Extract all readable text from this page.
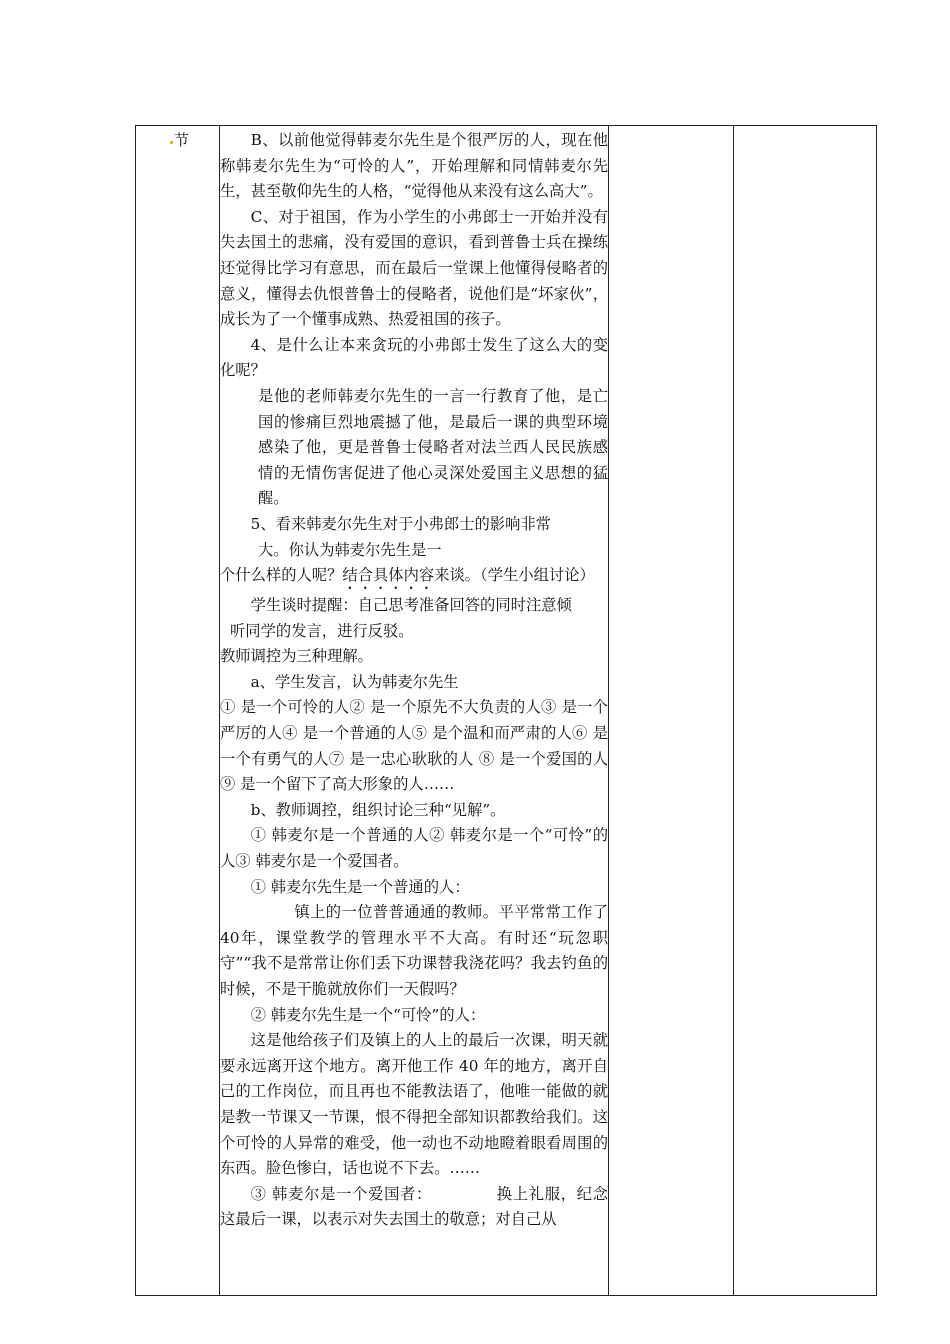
节	B、以前他觉得韩麦尔先生是个很严厉的人，现在他称韩麦尔先生为“可怜的人”，开始理解和同情韩麦尔先生，甚至敬仰先生的人格，“觉得他从来没有这么高大”。

C、对于祖国，作为小学生的小弗郎士一开始并没有失去国土的悲痛，没有爱国的意识，看到普鲁士兵在操练还觉得比学习有意思，而在最后一堂课上他懂得侵略者的意义，懂得去仇恨普鲁士的侵略者，说他们是“坏家伙”，成长为了一个懂事成熟、热爱祖国的孩子。

4、是什么让本来贪玩的小弗郎士发生了这么大的变化呢？

是他的老师韩麦尔先生的一言一行教育了他，是亡国的惨痛巨烈地震撼了他，是最后一课的典型环境感染了他，更是普鲁士侵略者对法兰西人民民族感情的无情伤害促进了他心灵深处爱国主义思想的猛醒。

5、看来韩麦尔先生对于小弗郎士的影响非常

大。你认为韩麦尔先生是一

个什么样的人呢？结合具体内容来谈。（学生小组讨论）

学生谈时提醒：自己思考准备回答的同时注意倾

听同学的发言，进行反驳。

教师调控为三种理解。

a、学生发言，认为韩麦尔先生

① 是一个可怜的人② 是一个原先不大负责的人③ 是一个严厉的人④ 是一个普通的人⑤ 是个温和而严肃的人⑥ 是一个有勇气的人⑦ 是一忠心耿耿的人 ⑧ 是一个爱国的人⑨ 是一个留下了高大形象的人……

b、教师调控，组织讨论三种“见解”。

① 韩麦尔是一个普通的人② 韩麦尔是一个“可怜”的人③ 韩麦尔是一个爱国者。

① 韩麦尔先生是一个普通的人：

镇上的一位普普通通的教师。平平常常工作了40年，课堂教学的管理水平不大高。有时还“玩忽职守”“我不是常常让你们丢下功课替我浇花吗？我去钓鱼的时候，不是干脆就放你们一天假吗？

② 韩麦尔先生是一个“可怜”的人：

这是他给孩子们及镇上的人上的最后一次课，明天就要永远离开这个地方。离开他工作 40 年的地方，离开自己的工作岗位，而且再也不能教法语了，他唯一能做的就是教一节课又一节课，恨不得把全部知识都教给我们。这个可怜的人异常的难受，他一动也不动地瞪着眼看周围的东西。脸色惨白，话也说不下去。……

③ 韩麦尔是一个爱国者：	换上礼服，纪念这最后一课，以表示对失去国土的敬意；对自己从
